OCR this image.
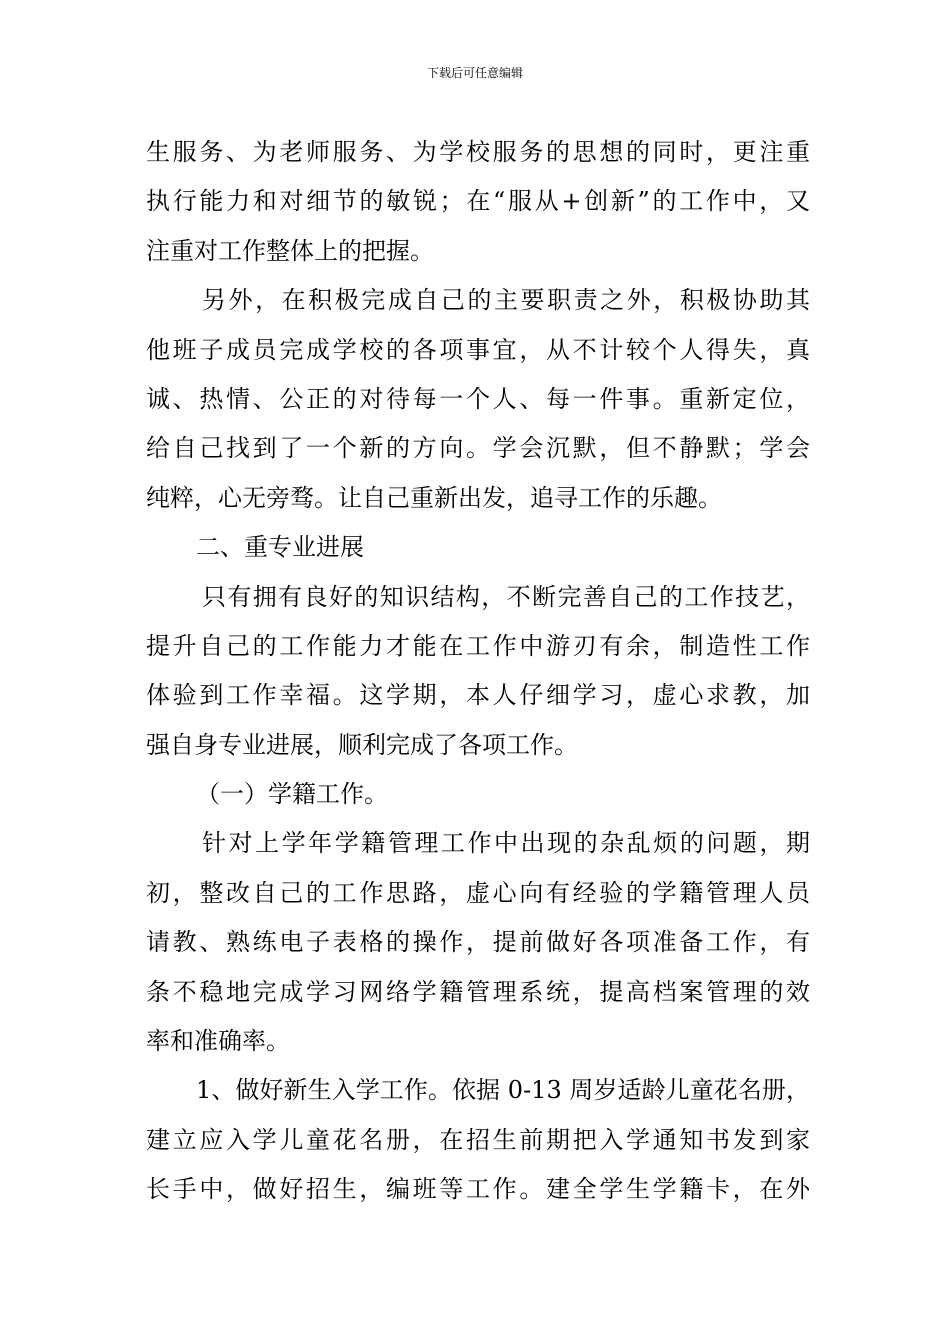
下载后可任意编辑
生服务、为老师服务、为学校服务的思想的同时，更注重
执行能力和对细节的敏锐；在“服从+创新”的工作中，又
注重对工作整体上的把握。
另外，在积极完成自己的主要职责之外，积极协助其
他班子成员完成学校的各项事宜，从不计较个人得失，真
诚、热情、公正的对待每一个人、每一件事。重新定位，
给自己找到了一个新的方向。学会沉默，但不静默；学会
纯粹，心无旁骛。让自己重新出发，追寻工作的乐趣。
二、重专业进展
只有拥有良好的知识结构，不断完善自己的工作技艺，
提升自己的工作能力才能在工作中游刃有余，制造性工作
体验到工作幸福。这学期，本人仔细学习，虚心求教，加
强自身专业进展，顺利完成了各项工作。
（一）学籍工作。
针对上学年学籍管理工作中出现的杂乱烦的问题，期
初，整改自己的工作思路，虚心向有经验的学籍管理人员
请教、熟练电子表格的操作，提前做好各项准备工作，有
条不稳地完成学习网络学籍管理系统，提高档案管理的效
率和准确率。
1、做好新生入学工作。依据 0-13 周岁适龄儿童花名册，
建立应入学儿童花名册，在招生前期把入学通知书发到家
长手中，做好招生，编班等工作。建全学生学籍卡，在外
